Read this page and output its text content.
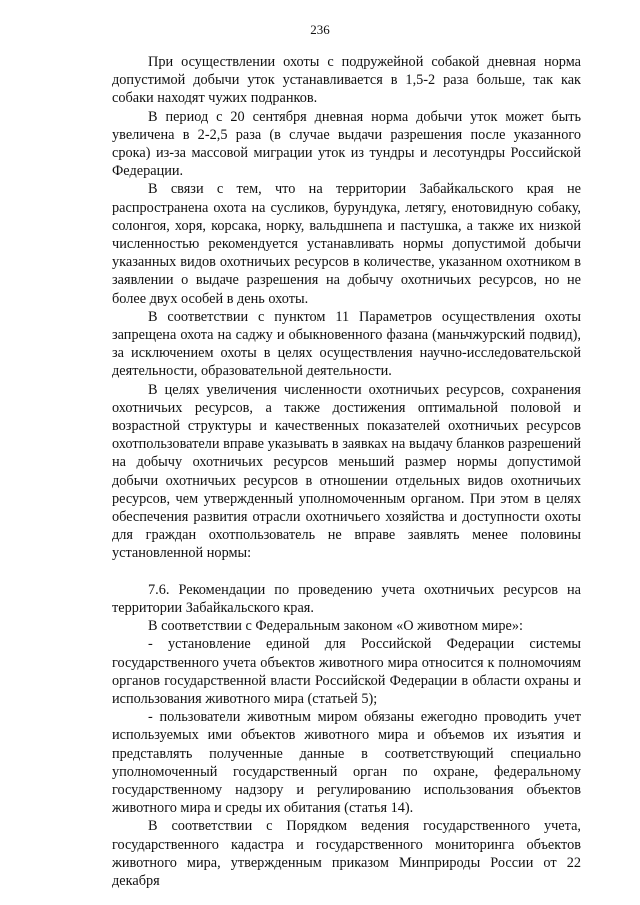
236

При осуществлении охоты с подружейной собакой дневная норма допустимой добычи уток устанавливается в 1,5-2 раза больше, так как собаки находят чужих подранков.

В период с 20 сентября дневная норма добычи уток может быть увеличена в 2-2,5 раза (в случае выдачи разрешения после указанного срока) из-за массовой миграции уток из тундры и лесотундры Российской Федерации.

В связи с тем, что на территории Забайкальского края не распространена охота на сусликов, бурундука, летягу, енотовидную собаку, солонгоя, хоря, корсака, норку, вальдшнепа и пастушка, а также их низкой численностью рекомендуется устанавливать нормы допустимой добычи указанных видов охотничьих ресурсов в количестве, указанном охотником в заявлении о выдаче разрешения на добычу охотничьих ресурсов, но не более двух особей в день охоты.

В соответствии с пунктом 11 Параметров осуществления охоты запрещена охота на саджу и обыкновенного фазана (маньчжурский подвид), за исключением охоты в целях осуществления научно-исследовательской деятельности, образовательной деятельности.

В целях увеличения численности охотничьих ресурсов, сохранения охотничьих ресурсов, а также достижения оптимальной половой и возрастной структуры и качественных показателей охотничьих ресурсов охотпользователи вправе указывать в заявках на выдачу бланков разрешений на добычу охотничьих ресурсов меньший размер нормы допустимой добычи охотничьих ресурсов в отношении отдельных видов охотничьих ресурсов, чем утвержденный уполномоченным органом. При этом в целях обеспечения развития отрасли охотничьего хозяйства и доступности охоты для граждан охотпользователь не вправе заявлять менее половины установленной нормы:

7.6. Рекомендации по проведению учета охотничьих ресурсов на территории Забайкальского края.

В соответствии с Федеральным законом «О животном мире»:

- установление единой для Российской Федерации системы государственного учета объектов животного мира относится к полномочиям органов государственной власти Российской Федерации в области охраны и использования животного мира (статьей 5);

- пользователи животным миром обязаны ежегодно проводить учет используемых ими объектов животного мира и объемов их изъятия и представлять полученные данные в соответствующий специально уполномоченный государственный орган по охране, федеральному государственному надзору и регулированию использования объектов животного мира и среды их обитания (статья 14).

В соответствии с Порядком ведения государственного учета, государственного кадастра и государственного мониторинга объектов животного мира, утвержденным приказом Минприроды России от 22 декабря
